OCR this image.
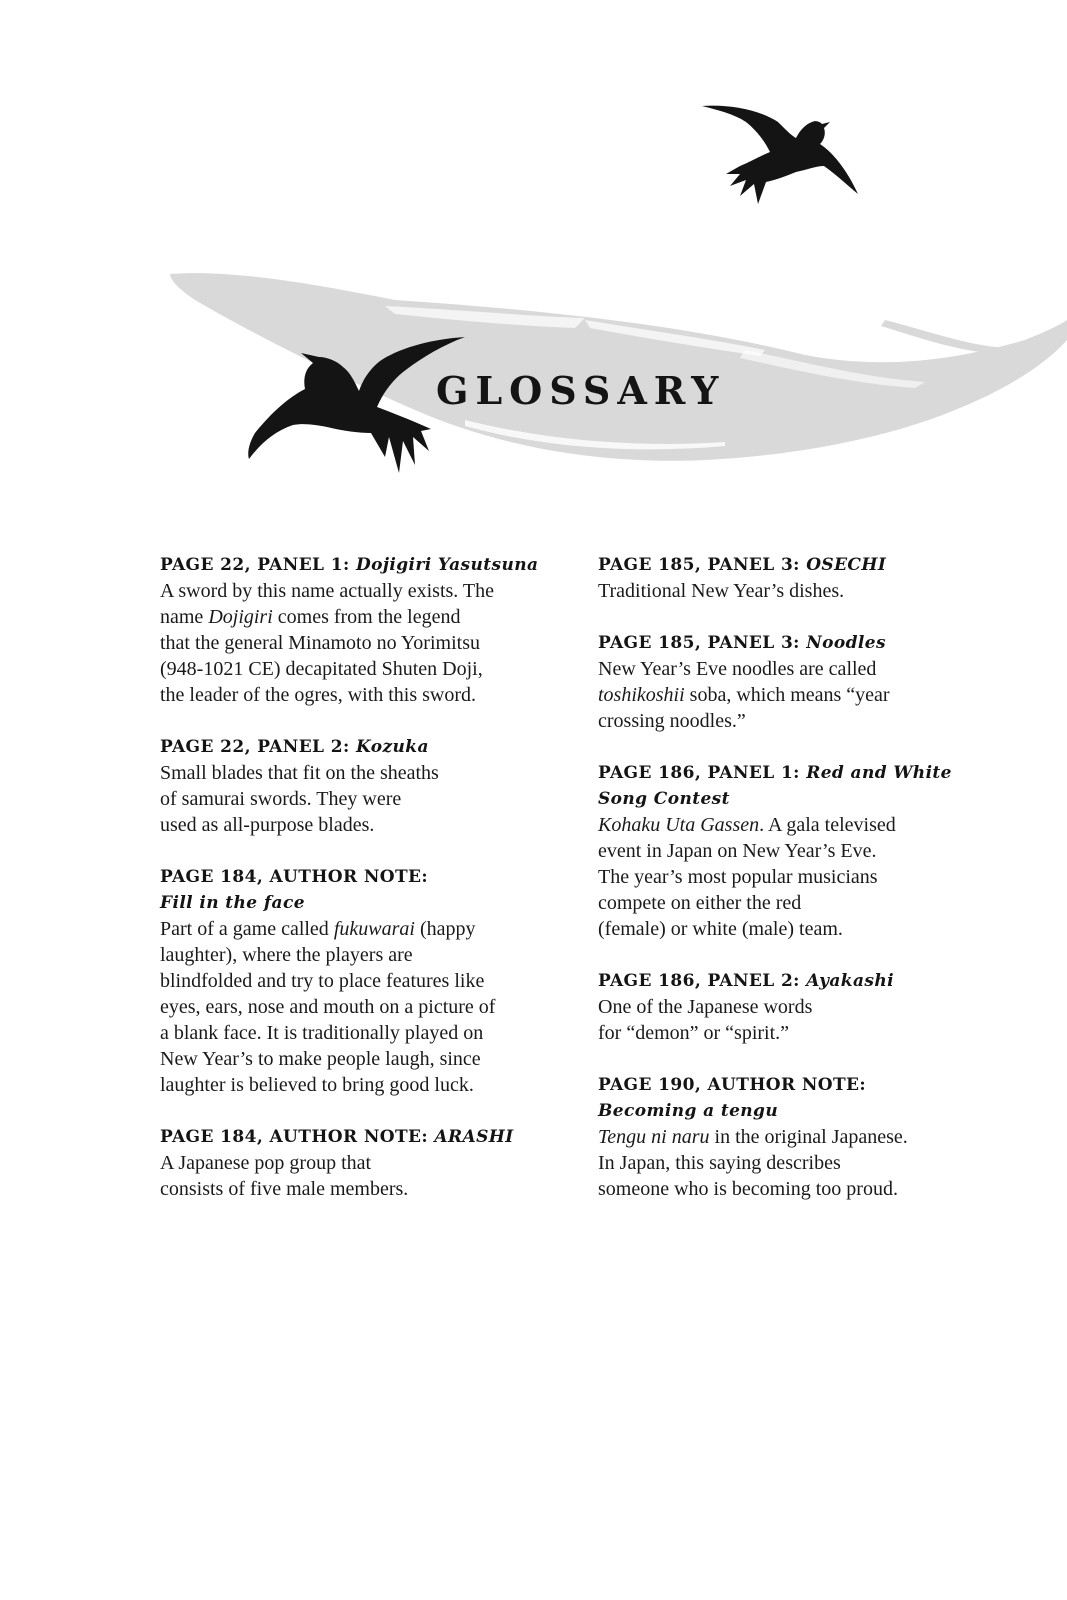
GLOSSARY
PAGE 22, PANEL 1: Dojigiri Yasutsuna
A sword by this name actually exists. The
name Dojigiri comes from the legend
that the general Minamoto no Yorimitsu
(948-1021 CE) decapitated Shuten Doji,
the leader of the ogres, with this sword.
PAGE 22, PANEL 2: Kozuka
Small blades that fit on the sheaths
of samurai swords. They were
used as all-purpose blades.
PAGE 184, AUTHOR NOTE:
Fill in the face
Part of a game called fukuwarai (happy
laughter), where the players are
blindfolded and try to place features like
eyes, ears, nose and mouth on a picture of
a blank face. It is traditionally played on
New Year’s to make people laugh, since
laughter is believed to bring good luck.
PAGE 184, AUTHOR NOTE: ARASHI
A Japanese pop group that
consists of five male members.
PAGE 185, PANEL 3: OSECHI
Traditional New Year’s dishes.
PAGE 185, PANEL 3: Noodles
New Year’s Eve noodles are called
toshikoshii soba, which means “year
crossing noodles.”
PAGE 186, PANEL 1: Red and White
Song Contest
Kohaku Uta Gassen. A gala televised
event in Japan on New Year’s Eve.
The year’s most popular musicians
compete on either the red
(female) or white (male) team.
PAGE 186, PANEL 2: Ayakashi
One of the Japanese words
for “demon” or “spirit.”
PAGE 190, AUTHOR NOTE:
Becoming a tengu
Tengu ni naru in the original Japanese.
In Japan, this saying describes
someone who is becoming too proud.
